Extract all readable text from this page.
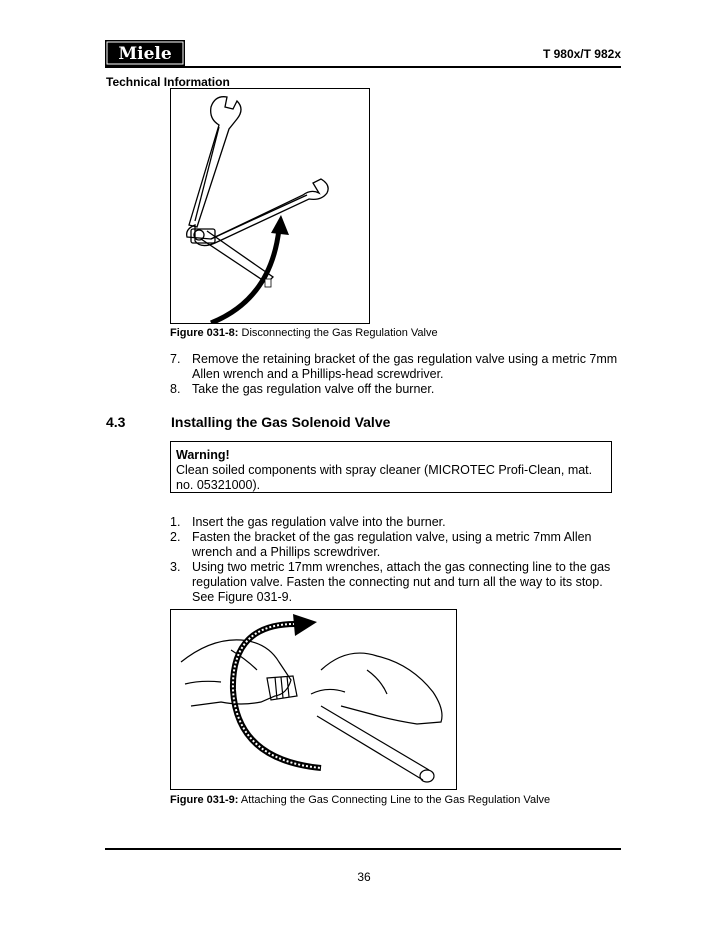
Miele	T 980x/T 982x
Technical Information
Figure 031-8: Disconnecting the Gas Regulation Valve
7. Remove the retaining bracket of the gas regulation valve using a metric 7mm Allen wrench and a Phillips-head screwdriver.
8. Take the gas regulation valve off the burner.
4.3	Installing the Gas Solenoid Valve
Warning!
Clean soiled components with spray cleaner (MICROTEC Profi-Clean, mat. no. 05321000).
1. Insert the gas regulation valve into the burner.
2. Fasten the bracket of the gas regulation valve, using a metric 7mm Allen wrench and a Phillips screwdriver.
3. Using two metric 17mm wrenches, attach the gas connecting line to the gas regulation valve. Fasten the connecting nut and turn all the way to its stop. See Figure 031-9.
Figure 031-9: Attaching the Gas Connecting Line to the Gas Regulation Valve
36
